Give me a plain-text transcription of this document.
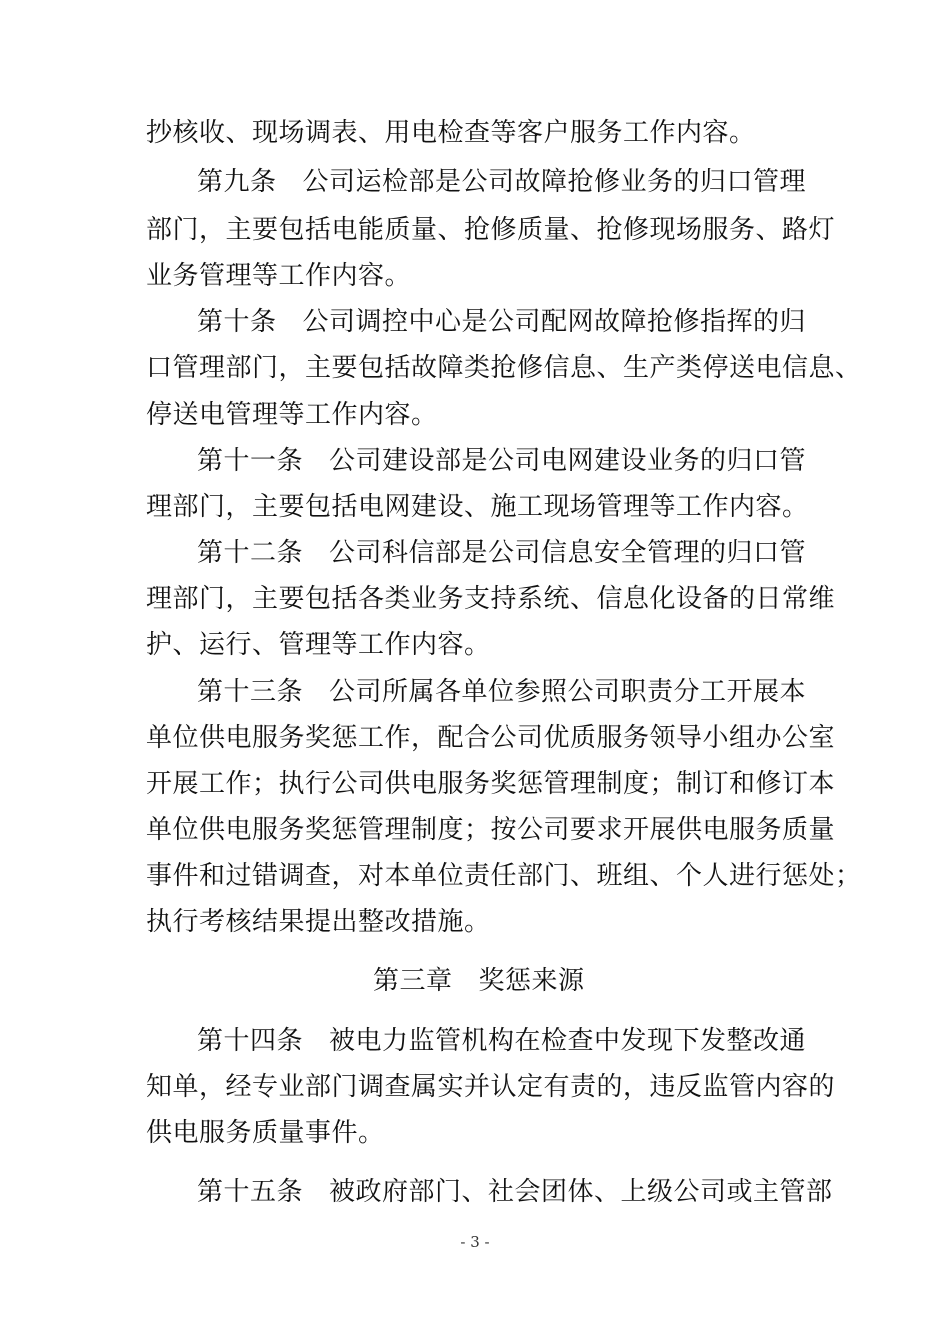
抄核收、现场调表、用电检查等客户服务工作内容。
第九条 公司运检部是公司故障抢修业务的归口管理
部门，主要包括电能质量、抢修质量、抢修现场服务、路灯
业务管理等工作内容。
第十条 公司调控中心是公司配网故障抢修指挥的归
口管理部门，主要包括故障类抢修信息、生产类停送电信息、
停送电管理等工作内容。
第十一条 公司建设部是公司电网建设业务的归口管
理部门，主要包括电网建设、施工现场管理等工作内容。
第十二条 公司科信部是公司信息安全管理的归口管
理部门，主要包括各类业务支持系统、信息化设备的日常维
护、运行、管理等工作内容。
第十三条 公司所属各单位参照公司职责分工开展本
单位供电服务奖惩工作，配合公司优质服务领导小组办公室
开展工作；执行公司供电服务奖惩管理制度；制订和修订本
单位供电服务奖惩管理制度；按公司要求开展供电服务质量
事件和过错调查，对本单位责任部门、班组、个人进行惩处；
执行考核结果提出整改措施。
第三章 奖惩来源
第十四条 被电力监管机构在检查中发现下发整改通
知单，经专业部门调查属实并认定有责的，违反监管内容的
供电服务质量事件。
第十五条 被政府部门、社会团体、上级公司或主管部
- 3 -
